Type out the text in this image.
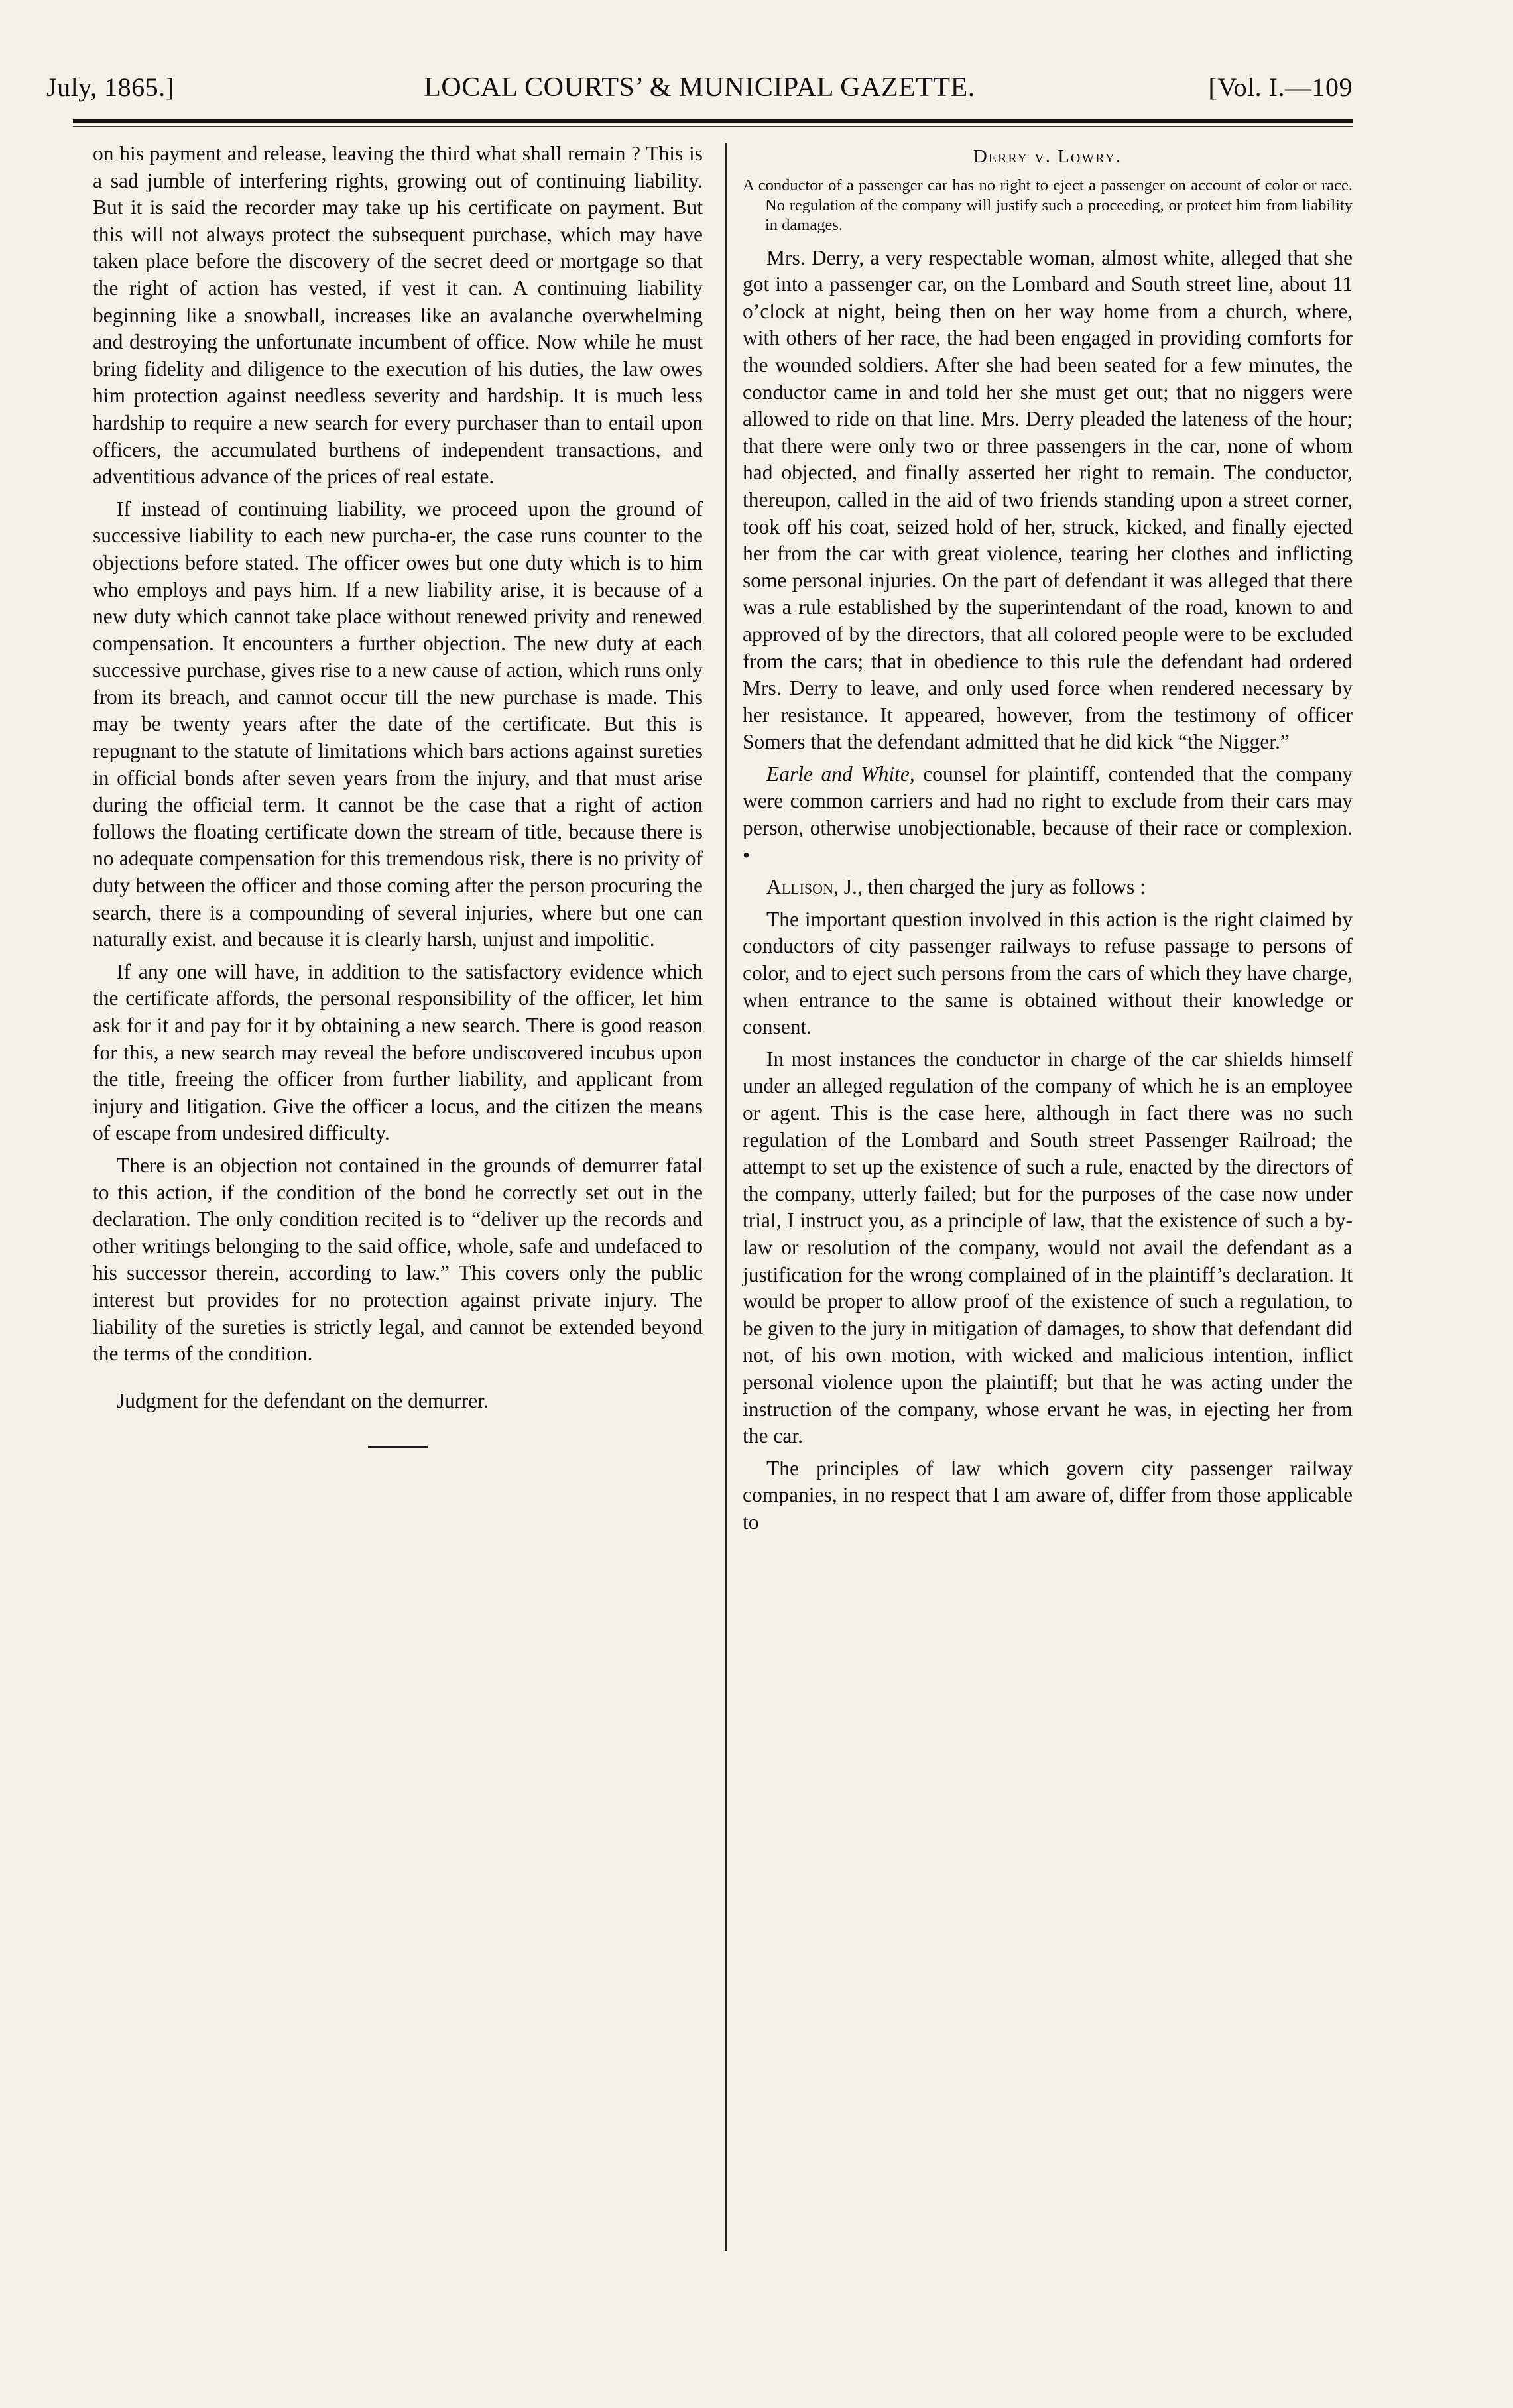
LOCAL COURTS’ & MUNICIPAL GAZETTE.
July, 1865.]	[Vol. I.—109

on his payment and release, leaving the third what shall remain ? This is a sad jumble of interfering rights, growing out of continuing liability. But it is said the recorder may take up his certificate on payment. But this will not always protect the subsequent purchase, which may have taken place before the discovery of the secret deed or mortgage so that the right of action has vested, if vest it can. A continuing liability beginning like a snowball, increases like an avalanche overwhelming and destroying the unfortunate incumbent of office. Now while he must bring fidelity and diligence to the execution of his duties, the law owes him protection against needless severity and hardship. It is much less hardship to require a new search for every purchaser than to entail upon officers, the accumulated burthens of independent transactions, and adventitious advance of the prices of real estate.

If instead of continuing liability, we proceed upon the ground of successive liability to each new purcha-er, the case runs counter to the objections before stated. The officer owes but one duty which is to him who employs and pays him. If a new liability arise, it is because of a new duty which cannot take place without renewed privity and renewed compensation. It encounters a further objection. The new duty at each successive purchase, gives rise to a new cause of action, which runs only from its breach, and cannot occur till the new purchase is made. This may be twenty years after the date of the certificate. But this is repugnant to the statute of limitations which bars actions against sureties in official bonds after seven years from the injury, and that must arise during the official term. It cannot be the case that a right of action follows the floating certificate down the stream of title, because there is no adequate compensation for this tremendous risk, there is no privity of duty between the officer and those coming after the person procuring the search, there is a compounding of several injuries, where but one can naturally exist. and because it is clearly harsh, unjust and impolitic.

If any one will have, in addition to the satisfactory evidence which the certificate affords, the personal responsibility of the officer, let him ask for it and pay for it by obtaining a new search. There is good reason for this, a new search may reveal the before undiscovered incubus upon the title, freeing the officer from further liability, and applicant from injury and litigation. Give the officer a locus, and the citizen the means of escape from undesired difficulty.

There is an objection not contained in the grounds of demurrer fatal to this action, if the condition of the bond he correctly set out in the declaration. The only condition recited is to “deliver up the records and other writings belonging to the said office, whole, safe and undefaced to his successor therein, according to law.” This covers only the public interest but provides for no protection against private injury. The liability of the sureties is strictly legal, and cannot be extended beyond the terms of the condition.

Judgment for the defendant on the demurrer.

Derry v. Lowry.

A conductor of a passenger car has no right to eject a passenger on account of color or race. No regulation of the company will justify such a proceeding, or protect him from liability in damages.

Mrs. Derry, a very respectable woman, almost white, alleged that she got into a passenger car, on the Lombard and South street line, about 11 o’clock at night, being then on her way home from a church, where, with others of her race, the had been engaged in providing comforts for the wounded soldiers. After she had been seated for a few minutes, the conductor came in and told her she must get out; that no niggers were allowed to ride on that line. Mrs. Derry pleaded the lateness of the hour; that there were only two or three passengers in the car, none of whom had objected, and finally asserted her right to remain. The conductor, thereupon, called in the aid of two friends standing upon a street corner, took off his coat, seized hold of her, struck, kicked, and finally ejected her from the car with great violence, tearing her clothes and inflicting some personal injuries. On the part of defendant it was alleged that there was a rule established by the superintendant of the road, known to and approved of by the directors, that all colored people were to be excluded from the cars; that in obedience to this rule the defendant had ordered Mrs. Derry to leave, and only used force when rendered necessary by her resistance. It appeared, however, from the testimony of officer Somers that the defendant admitted that he did kick “the Nigger.”

Earle and White, counsel for plaintiff, contended that the company were common carriers and had no right to exclude from their cars may person, otherwise unobjectionable, because of their race or complexion. •

Allison, J., then charged the jury as follows :

The important question involved in this action is the right claimed by conductors of city passenger railways to refuse passage to persons of color, and to eject such persons from the cars of which they have charge, when entrance to the same is obtained without their knowledge or consent.

In most instances the conductor in charge of the car shields himself under an alleged regulation of the company of which he is an employee or agent. This is the case here, although in fact there was no such regulation of the Lombard and South street Passenger Railroad; the attempt to set up the existence of such a rule, enacted by the directors of the company, utterly failed; but for the purposes of the case now under trial, I instruct you, as a principle of law, that the existence of such a by-law or resolution of the company, would not avail the defendant as a justification for the wrong complained of in the plaintiff’s declaration. It would be proper to allow proof of the existence of such a regulation, to be given to the jury in mitigation of damages, to show that defendant did not, of his own motion, with wicked and malicious intention, inflict personal violence upon the plaintiff; but that he was acting under the instruction of the company, whose ervant he was, in ejecting her from the car.

The principles of law which govern city passenger railway companies, in no respect that I am aware of, differ from those applicable to
